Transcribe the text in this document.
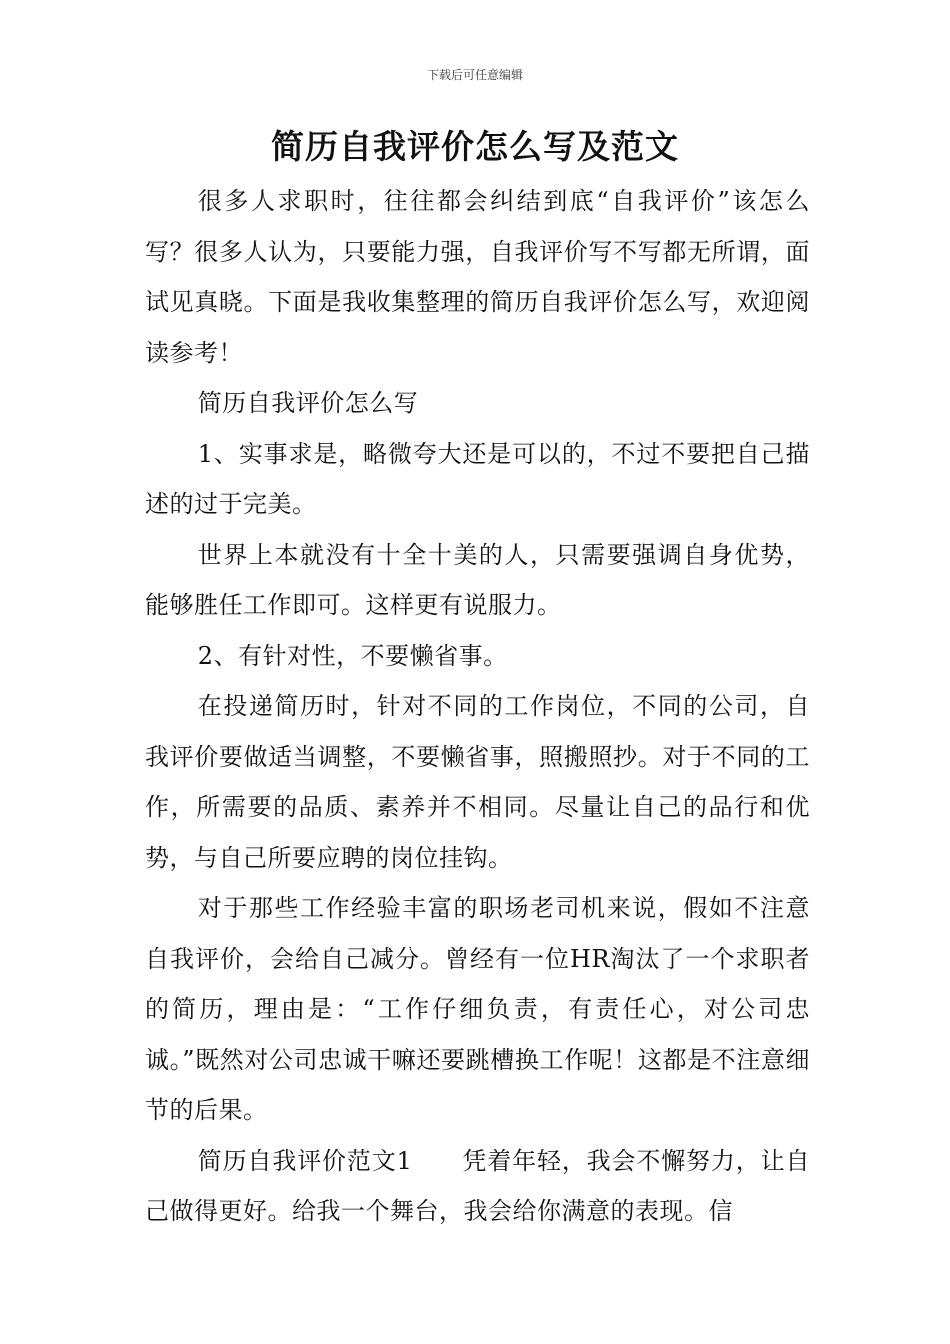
下载后可任意编辑
简历自我评价怎么写及范文

很多人求职时，往往都会纠结到底“自我评价”该怎么写？很多人认为，只要能力强，自我评价写不写都无所谓，面试见真晓。下面是我收集整理的简历自我评价怎么写，欢迎阅读参考！

简历自我评价怎么写

1、实事求是，略微夸大还是可以的，不过不要把自己描述的过于完美。

世界上本就没有十全十美的人，只需要强调自身优势，能够胜任工作即可。这样更有说服力。

2、有针对性，不要懒省事。

在投递简历时，针对不同的工作岗位，不同的公司，自我评价要做适当调整，不要懒省事，照搬照抄。对于不同的工作，所需要的品质、素养并不相同。尽量让自己的品行和优势，与自己所要应聘的岗位挂钩。

对于那些工作经验丰富的职场老司机来说，假如不注意自我评价，会给自己减分。曾经有一位HR淘汰了一个求职者的简历，理由是：“工作仔细负责，有责任心，对公司忠诚。”既然对公司忠诚干嘛还要跳槽换工作呢！这都是不注意细节的后果。

简历自我评价范文1　　凭着年轻，我会不懈努力，让自己做得更好。给我一个舞台，我会给你满意的表现。信
